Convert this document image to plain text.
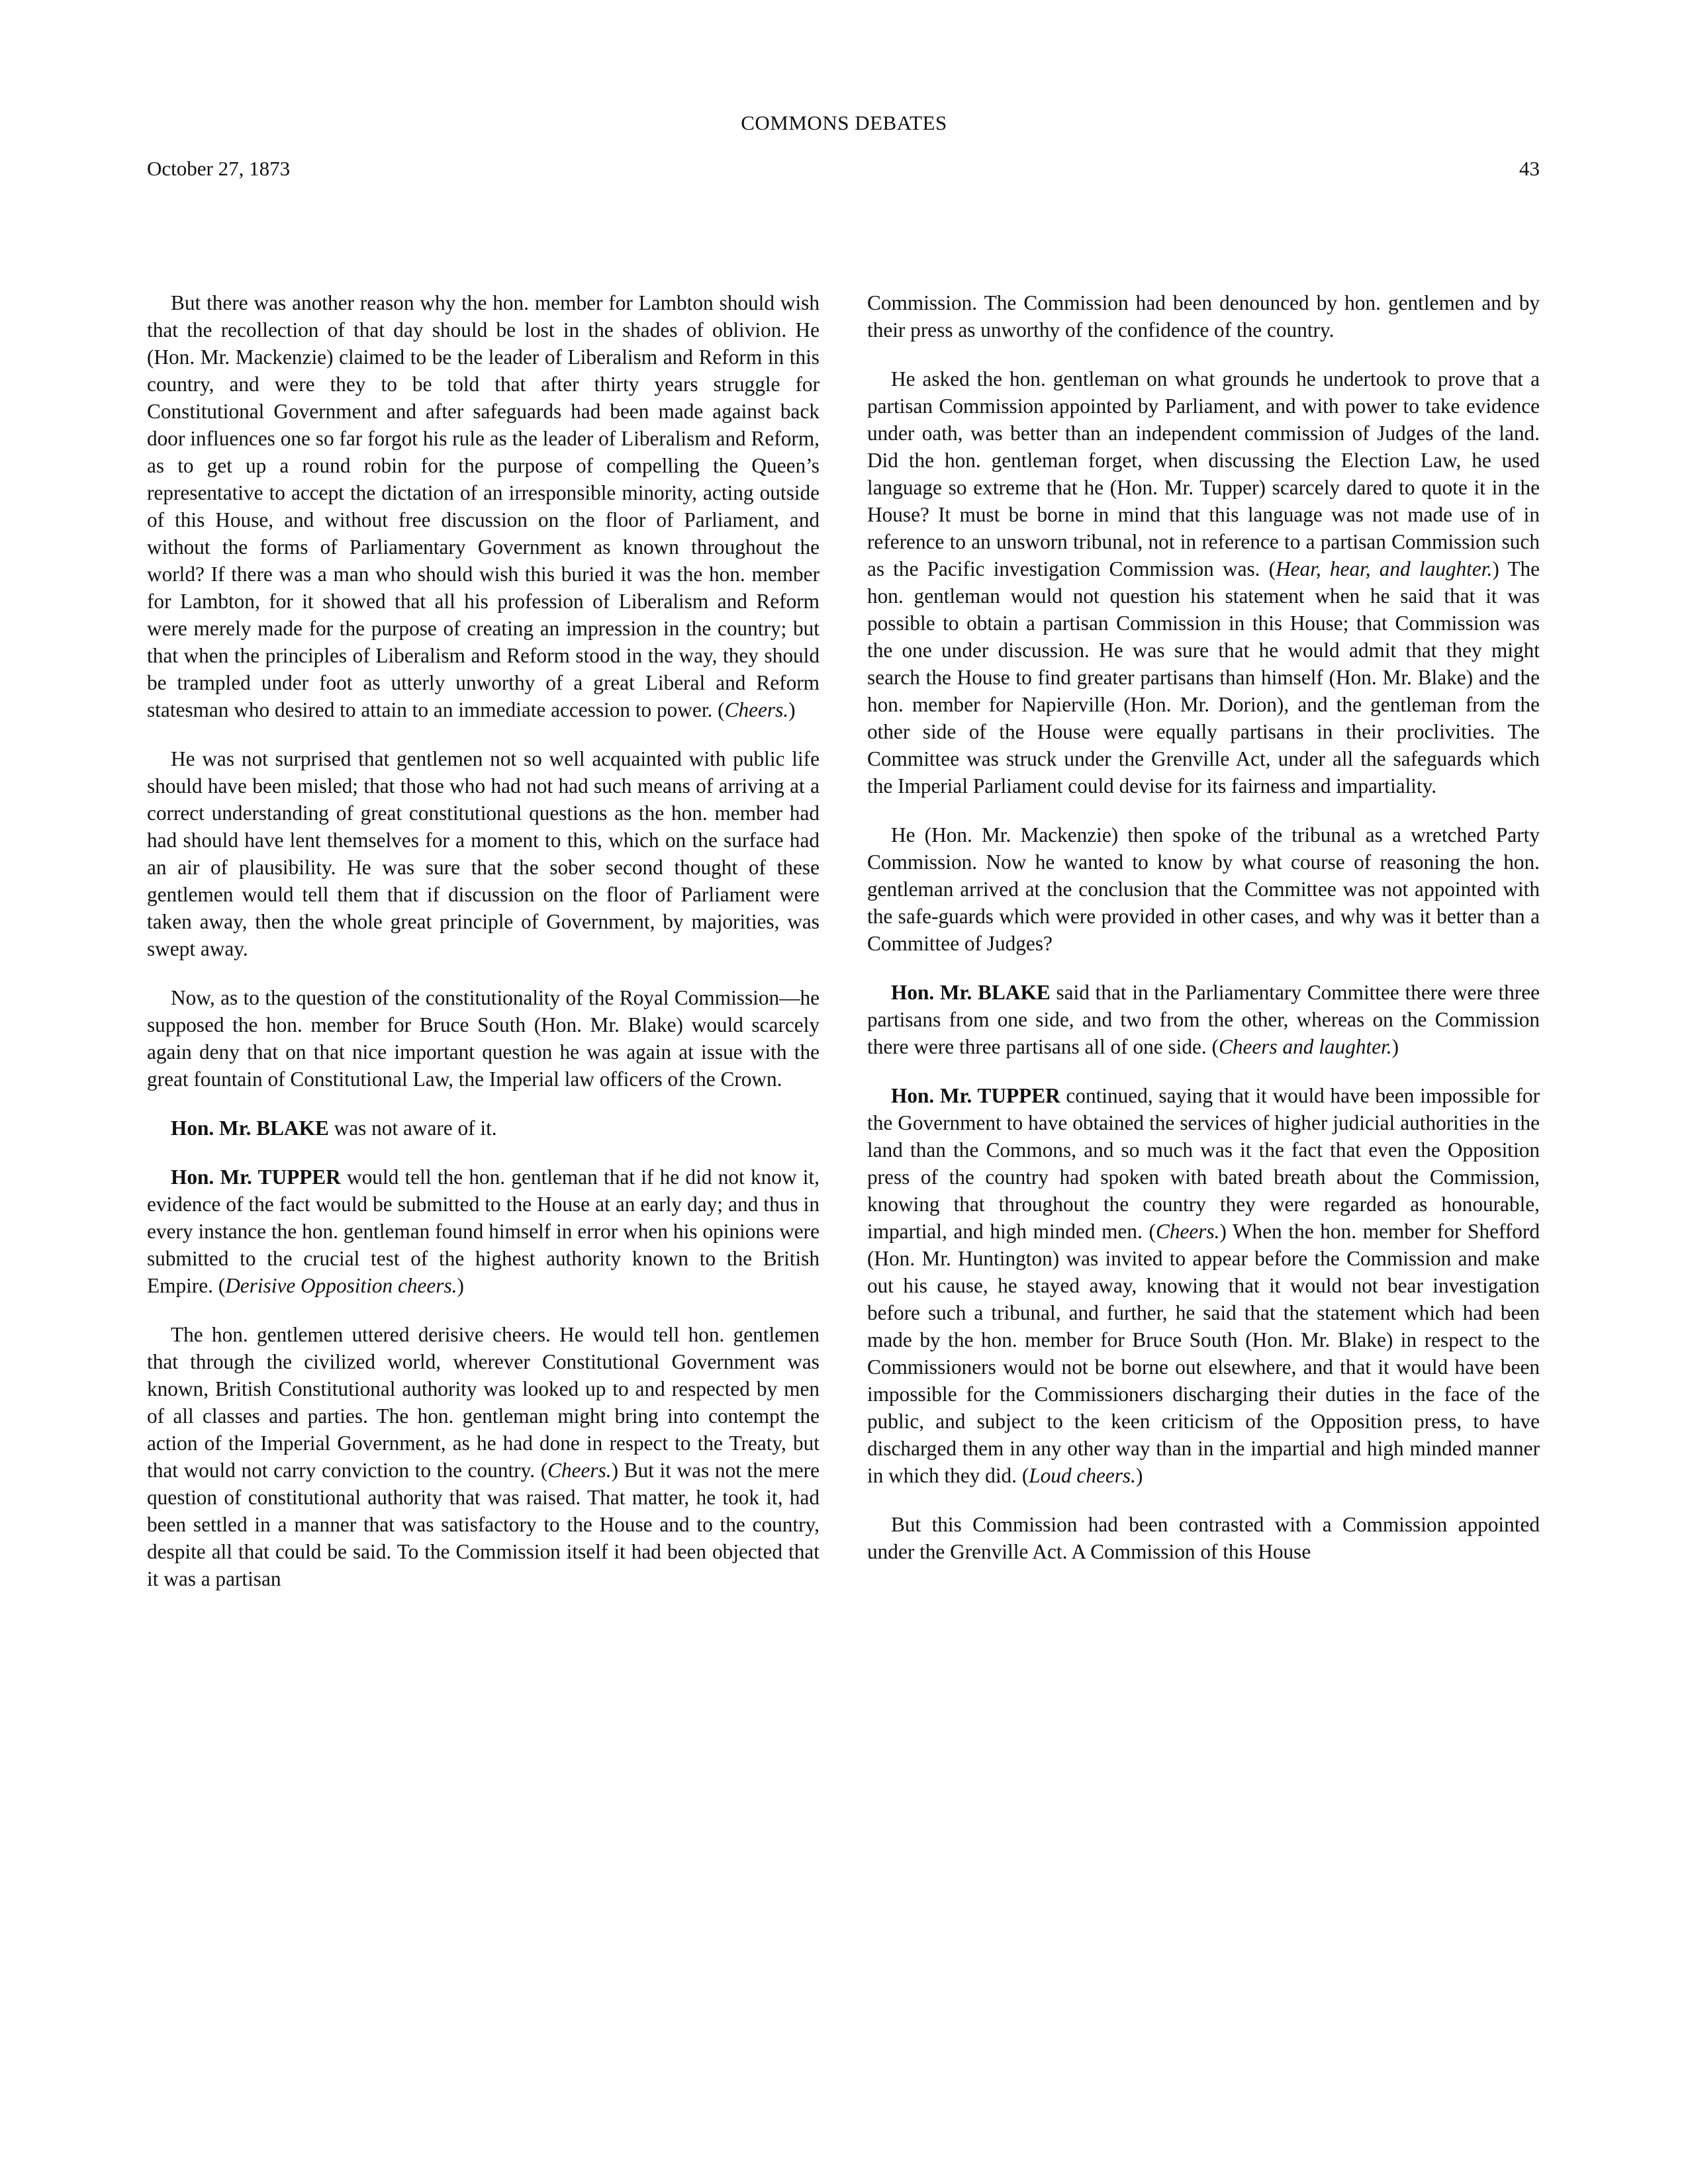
COMMONS DEBATES
October 27, 1873	43

But there was another reason why the hon. member for Lambton should wish that the recollection of that day should be lost in the shades of oblivion. He (Hon. Mr. Mackenzie) claimed to be the leader of Liberalism and Reform in this country, and were they to be told that after thirty years struggle for Constitutional Government and after safeguards had been made against back door influences one so far forgot his rule as the leader of Liberalism and Reform, as to get up a round robin for the purpose of compelling the Queen’s representative to accept the dictation of an irresponsible minority, acting outside of this House, and without free discussion on the floor of Parliament, and without the forms of Parliamentary Government as known throughout the world? If there was a man who should wish this buried it was the hon. member for Lambton, for it showed that all his profession of Liberalism and Reform were merely made for the purpose of creating an impression in the country; but that when the principles of Liberalism and Reform stood in the way, they should be trampled under foot as utterly unworthy of a great Liberal and Reform statesman who desired to attain to an immediate accession to power. (Cheers.)

He was not surprised that gentlemen not so well acquainted with public life should have been misled; that those who had not had such means of arriving at a correct understanding of great constitutional questions as the hon. member had had should have lent themselves for a moment to this, which on the surface had an air of plausibility. He was sure that the sober second thought of these gentlemen would tell them that if discussion on the floor of Parliament were taken away, then the whole great principle of Government, by majorities, was swept away.

Now, as to the question of the constitutionality of the Royal Commission—he supposed the hon. member for Bruce South (Hon. Mr. Blake) would scarcely again deny that on that nice important question he was again at issue with the great fountain of Constitutional Law, the Imperial law officers of the Crown.

Hon. Mr. BLAKE was not aware of it.

Hon. Mr. TUPPER would tell the hon. gentleman that if he did not know it, evidence of the fact would be submitted to the House at an early day; and thus in every instance the hon. gentleman found himself in error when his opinions were submitted to the crucial test of the highest authority known to the British Empire. (Derisive Opposition cheers.)

The hon. gentlemen uttered derisive cheers. He would tell hon. gentlemen that through the civilized world, wherever Constitutional Government was known, British Constitutional authority was looked up to and respected by men of all classes and parties. The hon. gentleman might bring into contempt the action of the Imperial Government, as he had done in respect to the Treaty, but that would not carry conviction to the country. (Cheers.) But it was not the mere question of constitutional authority that was raised. That matter, he took it, had been settled in a manner that was satisfactory to the House and to the country, despite all that could be said. To the Commission itself it had been objected that it was a partisan

Commission. The Commission had been denounced by hon. gentlemen and by their press as unworthy of the confidence of the country.

He asked the hon. gentleman on what grounds he undertook to prove that a partisan Commission appointed by Parliament, and with power to take evidence under oath, was better than an independent commission of Judges of the land. Did the hon. gentleman forget, when discussing the Election Law, he used language so extreme that he (Hon. Mr. Tupper) scarcely dared to quote it in the House? It must be borne in mind that this language was not made use of in reference to an unsworn tribunal, not in reference to a partisan Commission such as the Pacific investigation Commission was. (Hear, hear, and laughter.) The hon. gentleman would not question his statement when he said that it was possible to obtain a partisan Commission in this House; that Commission was the one under discussion. He was sure that he would admit that they might search the House to find greater partisans than himself (Hon. Mr. Blake) and the hon. member for Napierville (Hon. Mr. Dorion), and the gentleman from the other side of the House were equally partisans in their proclivities. The Committee was struck under the Grenville Act, under all the safeguards which the Imperial Parliament could devise for its fairness and impartiality.

He (Hon. Mr. Mackenzie) then spoke of the tribunal as a wretched Party Commission. Now he wanted to know by what course of reasoning the hon. gentleman arrived at the conclusion that the Committee was not appointed with the safe-guards which were provided in other cases, and why was it better than a Committee of Judges?

Hon. Mr. BLAKE said that in the Parliamentary Committee there were three partisans from one side, and two from the other, whereas on the Commission there were three partisans all of one side. (Cheers and laughter.)

Hon. Mr. TUPPER continued, saying that it would have been impossible for the Government to have obtained the services of higher judicial authorities in the land than the Commons, and so much was it the fact that even the Opposition press of the country had spoken with bated breath about the Commission, knowing that throughout the country they were regarded as honourable, impartial, and high minded men. (Cheers.) When the hon. member for Shefford (Hon. Mr. Huntington) was invited to appear before the Commission and make out his cause, he stayed away, knowing that it would not bear investigation before such a tribunal, and further, he said that the statement which had been made by the hon. member for Bruce South (Hon. Mr. Blake) in respect to the Commissioners would not be borne out elsewhere, and that it would have been impossible for the Commissioners discharging their duties in the face of the public, and subject to the keen criticism of the Opposition press, to have discharged them in any other way than in the impartial and high minded manner in which they did. (Loud cheers.)

But this Commission had been contrasted with a Commission appointed under the Grenville Act. A Commission of this House
